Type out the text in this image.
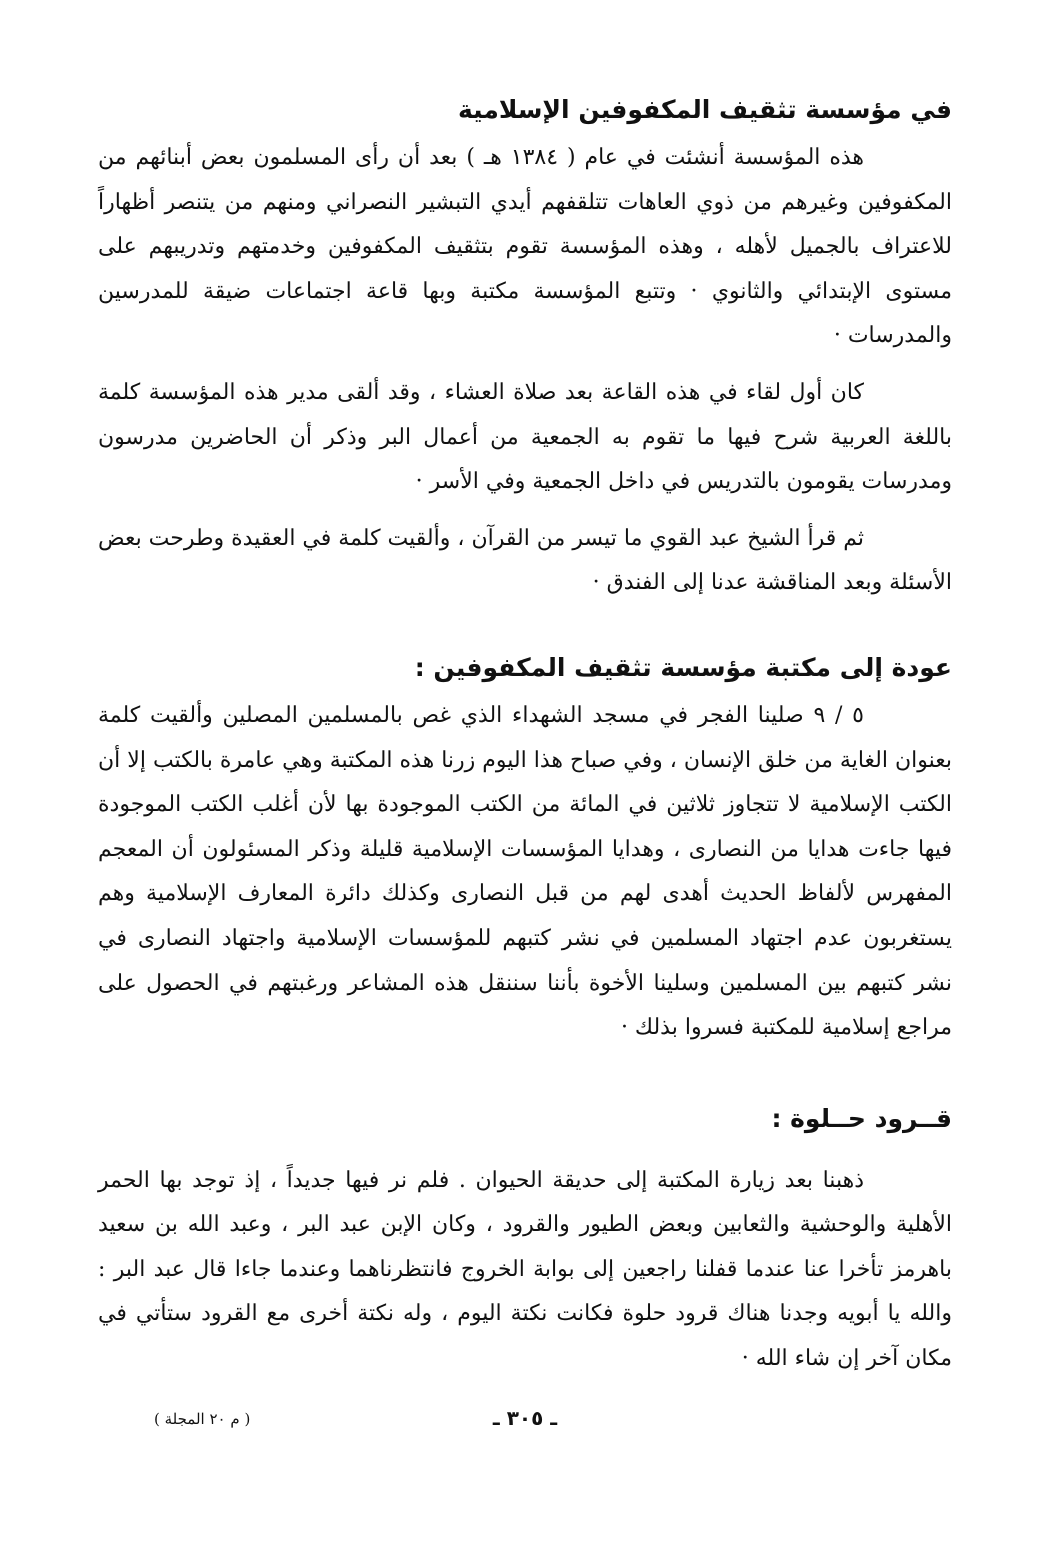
في مؤسسة تثقيف المكفوفين الإسلامية

هذه المؤسسة أنشئت في عام ( ١٣٨٤ هـ ) بعد أن رأى المسلمون بعض أبنائهم من المكفوفين وغيرهم من ذوي العاهات تتلقفهم أيدي التبشير النصراني ومنهم من يتنصر أظهاراً للاعتراف بالجميل لأهله ، وهذه المؤسسة تقوم بتثقيف المكفوفين وخدمتهم وتدريبهم على مستوى الإبتدائي والثانوي · وتتبع المؤسسة مكتبة وبها قاعة اجتماعات ضيقة للمدرسين والمدرسات ·

كان أول لقاء في هذه القاعة بعد صلاة العشاء ، وقد ألقى مدير هذه المؤسسة كلمة باللغة العربية شرح فيها ما تقوم به الجمعية من أعمال البر وذكر أن الحاضرين مدرسون ومدرسات يقومون بالتدريس في داخل الجمعية وفي الأسر ·

ثم قرأ الشيخ عبد القوي ما تيسر من القرآن ، وألقيت كلمة في العقيدة وطرحت بعض الأسئلة وبعد المناقشة عدنا إلى الفندق ·

عودة إلى مكتبة مؤسسة تثقيف المكفوفين :

٥ / ٩ صلينا الفجر في مسجد الشهداء الذي غص بالمسلمين المصلين وألقيت كلمة بعنوان الغاية من خلق الإنسان ، وفي صباح هذا اليوم زرنا هذه المكتبة وهي عامرة بالكتب إلا أن الكتب الإسلامية لا تتجاوز ثلاثين في المائة من الكتب الموجودة بها لأن أغلب الكتب الموجودة فيها جاءت هدايا من النصارى ، وهدايا المؤسسات الإسلامية قليلة وذكر المسئولون أن المعجم المفهرس لألفاظ الحديث أهدى لهم من قبل النصارى وكذلك دائرة المعارف الإسلامية وهم يستغربون عدم اجتهاد المسلمين في نشر كتبهم للمؤسسات الإسلامية واجتهاد النصارى في نشر كتبهم بين المسلمين وسلينا الأخوة بأننا سننقل هذه المشاعر ورغبتهم في الحصول على مراجع إسلامية للمكتبة فسروا بذلك ·

قــرود حــلوة :

ذهبنا بعد زيارة المكتبة إلى حديقة الحيوان . فلم نر فيها جديداً ، إذ توجد بها الحمر الأهلية والوحشية والثعابين وبعض الطيور والقرود ، وكان الإبن عبد البر ، وعبد الله بن سعيد باهرمز تأخرا عنا عندما قفلنا راجعين إلى بوابة الخروج فانتظرناهما وعندما جاءا قال عبد البر : والله يا أبويه وجدنا هناك قرود حلوة فكانت نكتة اليوم ، وله نكتة أخرى مع القرود ستأتي في مكان آخر إن شاء الله ·

ـ ٣٠٥ ـ
( م ٢٠ المجلة )
